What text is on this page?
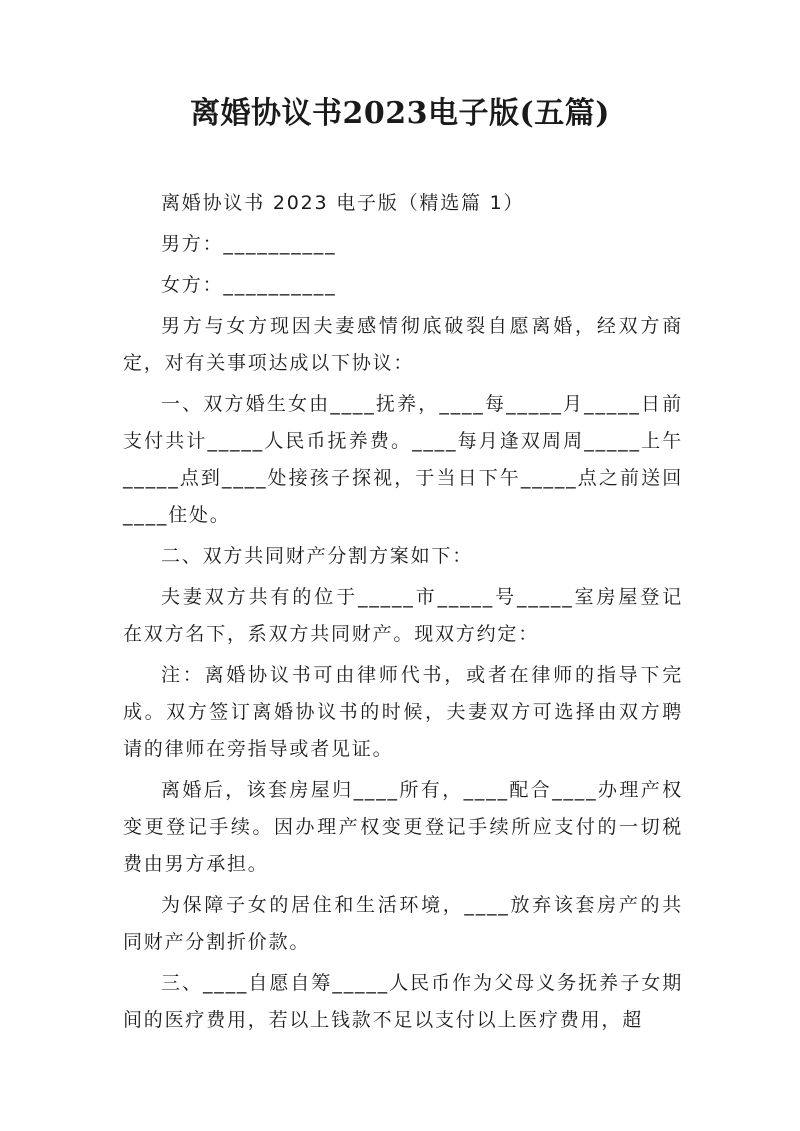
离婚协议书2023电子版(五篇)

离婚协议书 2023 电子版（精选篇 1）

男方：__________

女方：__________

男方与女方现因夫妻感情彻底破裂自愿离婚，经双方商定，对有关事项达成以下协议：

一、双方婚生女由____抚养，____每_____月_____日前支付共计_____人民币抚养费。____每月逢双周周_____上午_____点到____处接孩子探视，于当日下午_____点之前送回____住处。

二、双方共同财产分割方案如下：

夫妻双方共有的位于_____市_____号_____室房屋登记在双方名下，系双方共同财产。现双方约定：

注：离婚协议书可由律师代书，或者在律师的指导下完成。双方签订离婚协议书的时候，夫妻双方可选择由双方聘请的律师在旁指导或者见证。

离婚后，该套房屋归____所有，____配合____办理产权变更登记手续。因办理产权变更登记手续所应支付的一切税费由男方承担。

为保障子女的居住和生活环境，____放弃该套房产的共同财产分割折价款。

三、____自愿自筹_____人民币作为父母义务抚养子女期间的医疗费用，若以上钱款不足以支付以上医疗费用，超
